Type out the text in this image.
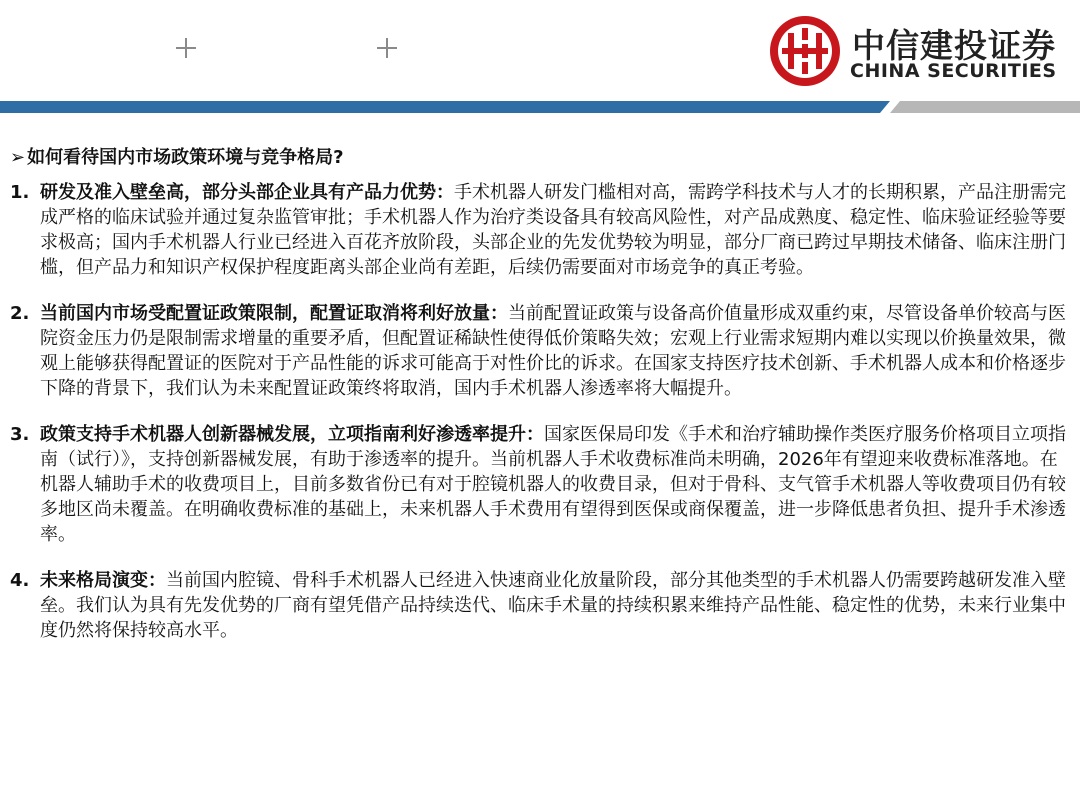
中信建投证券
CHINA SECURITIES
➢ 如何看待国内市场政策环境与竞争格局?
1. 研发及准入壁垒高，部分头部企业具有产品力优势：手术机器人研发门槛相对高，需跨学科技术与人才的长期积累，产品注册需完成严格的临床试验并通过复杂监管审批；手术机器人作为治疗类设备具有较高风险性，对产品成熟度、稳定性、临床验证经验等要求极高；国内手术机器人行业已经进入百花齐放阶段，头部企业的先发优势较为明显，部分厂商已跨过早期技术储备、临床注册门槛，但产品力和知识产权保护程度距离头部企业尚有差距，后续仍需要面对市场竞争的真正考验。
2. 当前国内市场受配置证政策限制，配置证取消将利好放量：当前配置证政策与设备高价值量形成双重约束，尽管设备单价较高与医院资金压力仍是限制需求增量的重要矛盾，但配置证稀缺性使得低价策略失效；宏观上行业需求短期内难以实现以价换量效果，微观上能够获得配置证的医院对于产品性能的诉求可能高于对性价比的诉求。在国家支持医疗技术创新、手术机器人成本和价格逐步下降的背景下，我们认为未来配置证政策终将取消，国内手术机器人渗透率将大幅提升。
3. 政策支持手术机器人创新器械发展，立项指南利好渗透率提升：国家医保局印发《手术和治疗辅助操作类医疗服务价格项目立项指南（试行）》，支持创新器械发展，有助于渗透率的提升。当前机器人手术收费标准尚未明确，2026年有望迎来收费标准落地。在机器人辅助手术的收费项目上，目前多数省份已有对于腔镜机器人的收费目录，但对于骨科、支气管手术机器人等收费项目仍有较多地区尚未覆盖。在明确收费标准的基础上，未来机器人手术费用有望得到医保或商保覆盖，进一步降低患者负担、提升手术渗透率。
4. 未来格局演变：当前国内腔镜、骨科手术机器人已经进入快速商业化放量阶段，部分其他类型的手术机器人仍需要跨越研发准入壁垒。我们认为具有先发优势的厂商有望凭借产品持续迭代、临床手术量的持续积累来维持产品性能、稳定性的优势，未来行业集中度仍然将保持较高水平。
